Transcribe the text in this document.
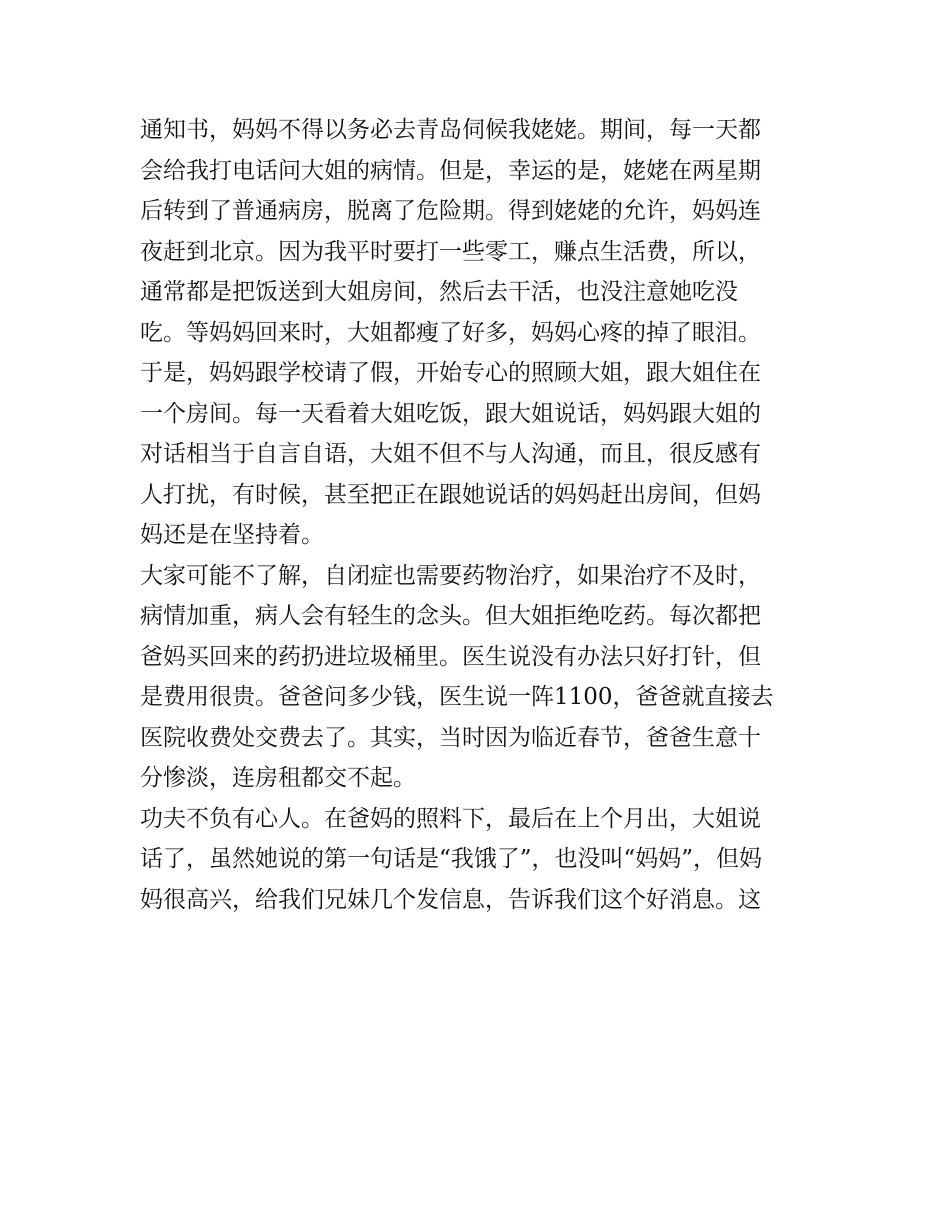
通知书，妈妈不得以务必去青岛伺候我姥姥。期间，每一天都
会给我打电话问大姐的病情。但是，幸运的是，姥姥在两星期
后转到了普通病房，脱离了危险期。得到姥姥的允许，妈妈连
夜赶到北京。因为我平时要打一些零工，赚点生活费，所以，
通常都是把饭送到大姐房间，然后去干活，也没注意她吃没
吃。等妈妈回来时，大姐都瘦了好多，妈妈心疼的掉了眼泪。
于是，妈妈跟学校请了假，开始专心的照顾大姐，跟大姐住在
一个房间。每一天看着大姐吃饭，跟大姐说话，妈妈跟大姐的
对话相当于自言自语，大姐不但不与人沟通，而且，很反感有
人打扰，有时候，甚至把正在跟她说话的妈妈赶出房间，但妈
妈还是在坚持着。
大家可能不了解，自闭症也需要药物治疗，如果治疗不及时，
病情加重，病人会有轻生的念头。但大姐拒绝吃药。每次都把
爸妈买回来的药扔进垃圾桶里。医生说没有办法只好打针，但
是费用很贵。爸爸问多少钱，医生说一阵1100，爸爸就直接去
医院收费处交费去了。其实，当时因为临近春节，爸爸生意十
分惨淡，连房租都交不起。
功夫不负有心人。在爸妈的照料下，最后在上个月出，大姐说
话了，虽然她说的第一句话是“我饿了”，也没叫“妈妈”，但妈
妈很高兴，给我们兄妹几个发信息，告诉我们这个好消息。这
